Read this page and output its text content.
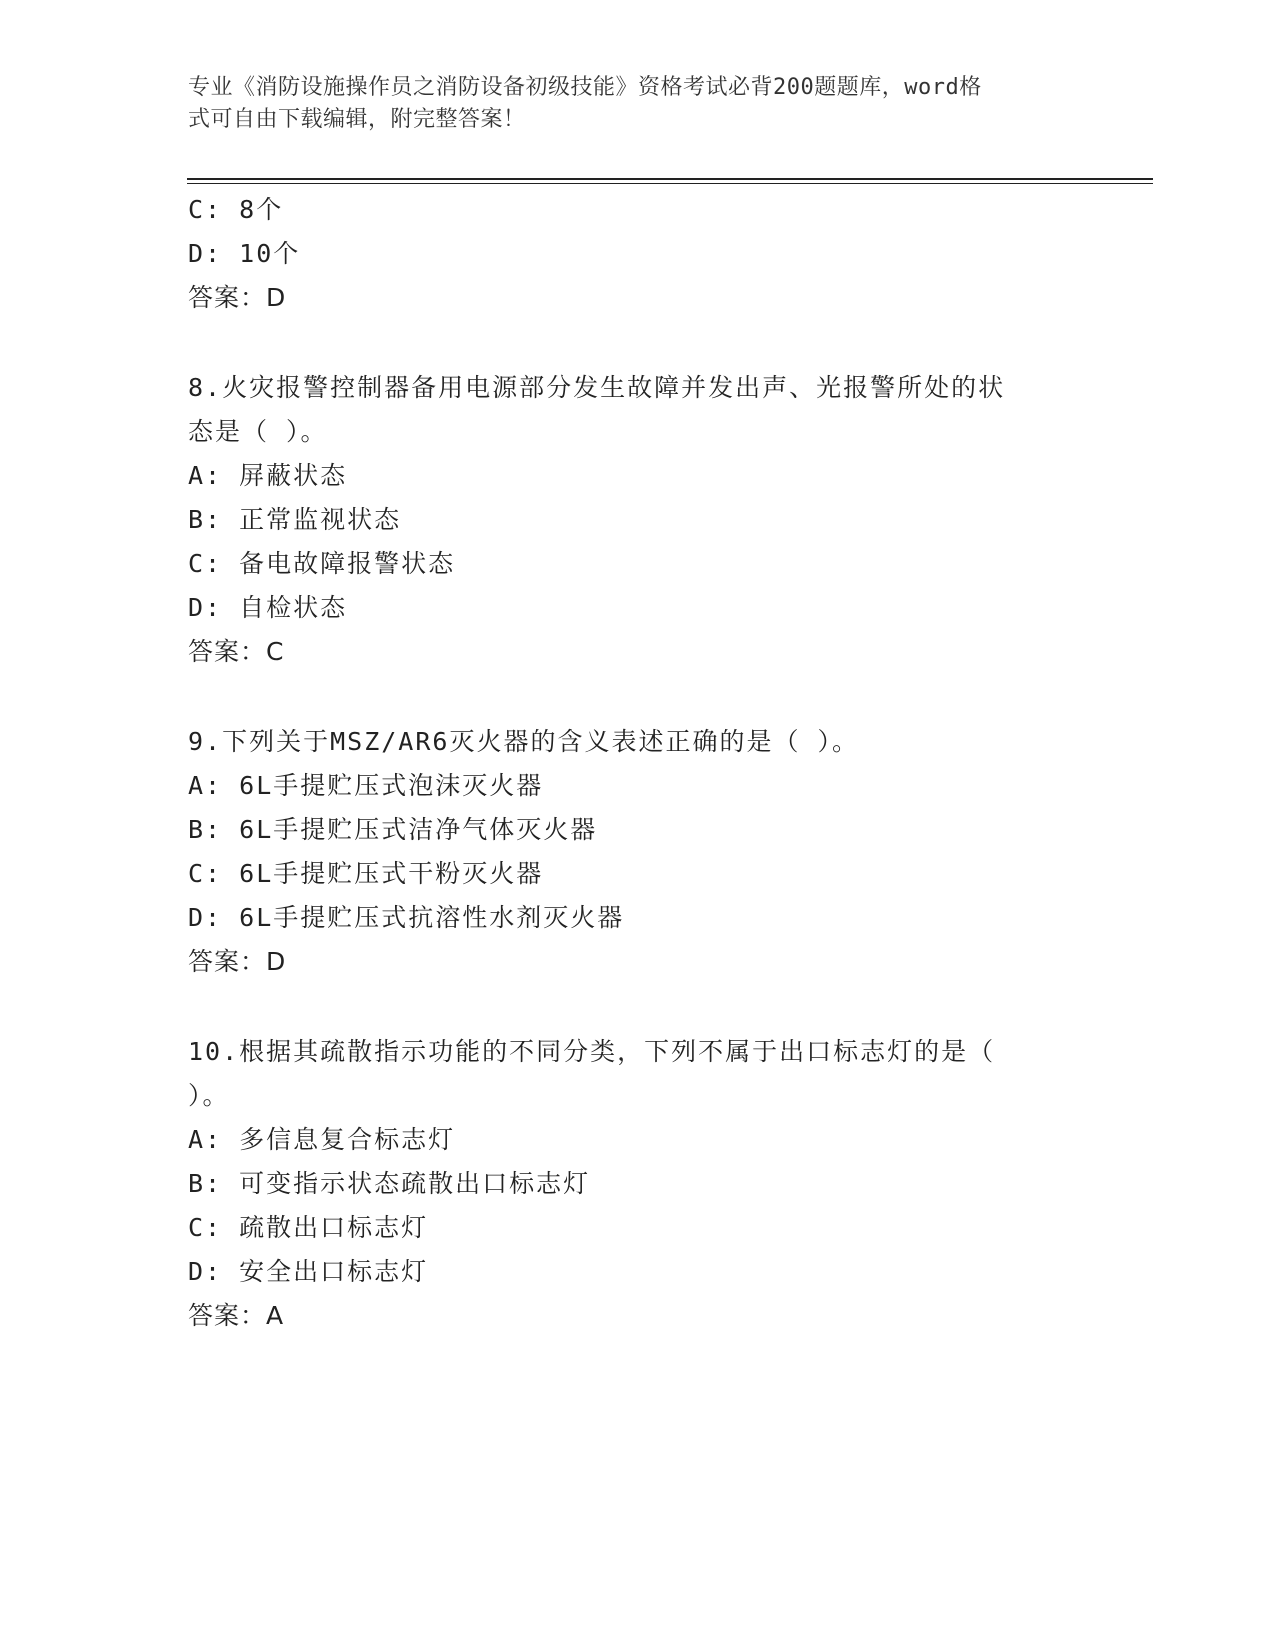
专业《消防设施操作员之消防设备初级技能》资格考试必背200题题库，word格
式可自由下载编辑，附完整答案！
C: 8个
D: 10个
答案：D
8.火灾报警控制器备用电源部分发生故障并发出声、光报警所处的状
态是（ ）。
A: 屏蔽状态
B: 正常监视状态
C: 备电故障报警状态
D: 自检状态
答案：C
9.下列关于MSZ/AR6灭火器的含义表述正确的是（ ）。
A: 6L手提贮压式泡沫灭火器
B: 6L手提贮压式洁净气体灭火器
C: 6L手提贮压式干粉灭火器
D: 6L手提贮压式抗溶性水剂灭火器
答案：D
10.根据其疏散指示功能的不同分类，下列不属于出口标志灯的是（
）。
A: 多信息复合标志灯
B: 可变指示状态疏散出口标志灯
C: 疏散出口标志灯
D: 安全出口标志灯
答案：A
